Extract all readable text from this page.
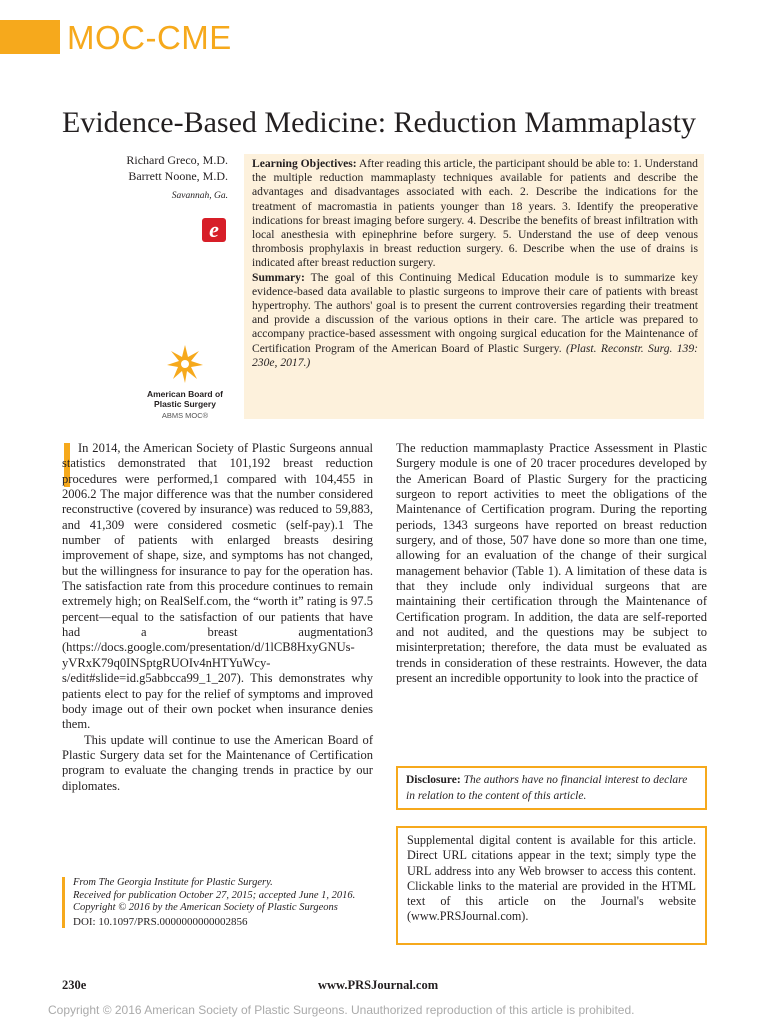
MOC-CME
Evidence-Based Medicine: Reduction Mammaplasty
Richard Greco, M.D.
Barrett Noone, M.D.
Savannah, Ga.
e
American Board of
Plastic Surgery
ABMS MOC®

Learning Objectives: After reading this article, the participant should be able to: 1. Understand the multiple reduction mammaplasty techniques available for patients and describe the advantages and disadvantages associated with each. 2. Describe the indications for the treatment of macromastia in patients younger than 18 years. 3. Identify the preoperative indications for breast imaging before surgery. 4. Describe the benefits of breast infiltration with local anesthesia with epinephrine before surgery. 5. Understand the use of deep venous thrombosis prophylaxis in breast reduction surgery. 6. Describe when the use of drains is indicated after breast reduction surgery.

Summary: The goal of this Continuing Medical Education module is to summarize key evidence-based data available to plastic surgeons to improve their care of patients with breast hypertrophy. The authors' goal is to present the current controversies regarding their treatment and provide a discussion of the various options in their care. The article was prepared to accompany practice-based assessment with ongoing surgical education for the Maintenance of Certification Program of the American Board of Plastic Surgery. (Plast. Reconstr. Surg. 139: 230e, 2017.)

In 2014, the American Society of Plastic Surgeons annual statistics demonstrated that 101,192 breast reduction procedures were performed,1 compared with 104,455 in 2006.2 The major difference was that the number considered reconstructive (covered by insurance) was reduced to 59,883, and 41,309 were considered cosmetic (self-pay).1 The number of patients with enlarged breasts desiring improvement of shape, size, and symptoms has not changed, but the willingness for insurance to pay for the operation has. The satisfaction rate from this procedure continues to remain extremely high; on RealSelf.com, the “worth it” rating is 97.5 percent—equal to the satisfaction of our patients that have had a breast augmentation3 (https://docs.google.com/presentation/d/1lCB8HxyGNUs-yVRxK79q0INSptgRUOIv4nHTYuWcy-s/edit#slide=id.g5abbcca99_1_207). This demonstrates why patients elect to pay for the relief of symptoms and improved body image out of their own pocket when insurance denies them.

This update will continue to use the American Board of Plastic Surgery data set for the Maintenance of Certification program to evaluate the changing trends in practice by our diplomates.

The reduction mammaplasty Practice Assessment in Plastic Surgery module is one of 20 tracer procedures developed by the American Board of Plastic Surgery for the practicing surgeon to report activities to meet the obligations of the Maintenance of Certification program. During the reporting periods, 1343 surgeons have reported on breast reduction surgery, and of those, 507 have done so more than one time, allowing for an evaluation of the change of their surgical management behavior (Table 1). A limitation of these data is that they include only individual surgeons that are maintaining their certification through the Maintenance of Certification program. In addition, the data are self-reported and not audited, and the questions may be subject to misinterpretation; therefore, the data must be evaluated as trends in consideration of these restraints. However, the data present an incredible opportunity to look into the practice of

From The Georgia Institute for Plastic Surgery.
Received for publication October 27, 2015; accepted June 1, 2016.
Copyright © 2016 by the American Society of Plastic Surgeons
DOI: 10.1097/PRS.0000000000002856
Disclosure: The authors have no financial interest to declare in relation to the content of this article.
Supplemental digital content is available for this article. Direct URL citations appear in the text; simply type the URL address into any Web browser to access this content. Clickable links to the material are provided in the HTML text of this article on the Journal's website (www.PRSJournal.com).
230e	www.PRSJournal.com
Copyright © 2016 American Society of Plastic Surgeons. Unauthorized reproduction of this article is prohibited.
